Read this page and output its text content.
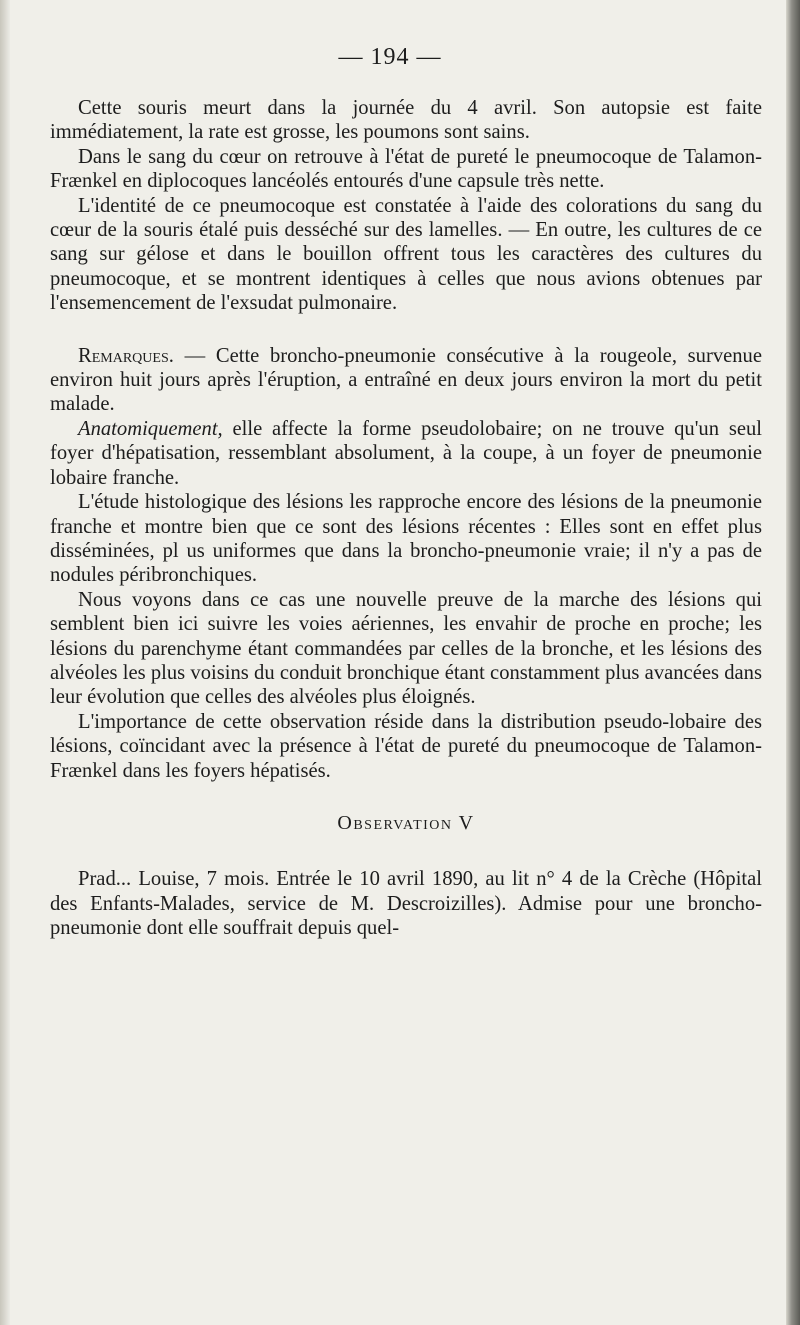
— 194 —

Cette souris meurt dans la journée du 4 avril. Son autopsie est faite immédiatement, la rate est grosse, les poumons sont sains.

Dans le sang du cœur on retrouve à l'état de pureté le pneumocoque de Talamon-Frænkel en diplocoques lancéolés entourés d'une capsule très nette.

L'identité de ce pneumocoque est constatée à l'aide des colorations du sang du cœur de la souris étalé puis desséché sur des lamelles. — En outre, les cultures de ce sang sur gélose et dans le bouillon offrent tous les caractères des cultures du pneumocoque, et se montrent identiques à celles que nous avions obtenues par l'ensemencement de l'exsudat pulmonaire.

Remarques. — Cette broncho-pneumonie consécutive à la rougeole, survenue environ huit jours après l'éruption, a entraîné en deux jours environ la mort du petit malade.

Anatomiquement, elle affecte la forme pseudolobaire; on ne trouve qu'un seul foyer d'hépatisation, ressemblant absolument, à la coupe, à un foyer de pneumonie lobaire franche.

L'étude histologique des lésions les rapproche encore des lésions de la pneumonie franche et montre bien que ce sont des lésions récentes : Elles sont en effet plus disséminées, pl us uniformes que dans la broncho-pneumonie vraie; il n'y a pas de nodules péribronchiques.

Nous voyons dans ce cas une nouvelle preuve de la marche des lésions qui semblent bien ici suivre les voies aériennes, les envahir de proche en proche; les lésions du parenchyme étant commandées par celles de la bronche, et les lésions des alvéoles les plus voisins du conduit bronchique étant constamment plus avancées dans leur évolution que celles des alvéoles plus éloignés.

L'importance de cette observation réside dans la distribution pseudo-lobaire des lésions, coïncidant avec la présence à l'état de pureté du pneumocoque de Talamon-Frænkel dans les foyers hépatisés.

Observation V

Prad... Louise, 7 mois. Entrée le 10 avril 1890, au lit n° 4 de la Crèche (Hôpital des Enfants-Malades, service de M. Descroizilles). Admise pour une broncho-pneumonie dont elle souffrait depuis quel-
